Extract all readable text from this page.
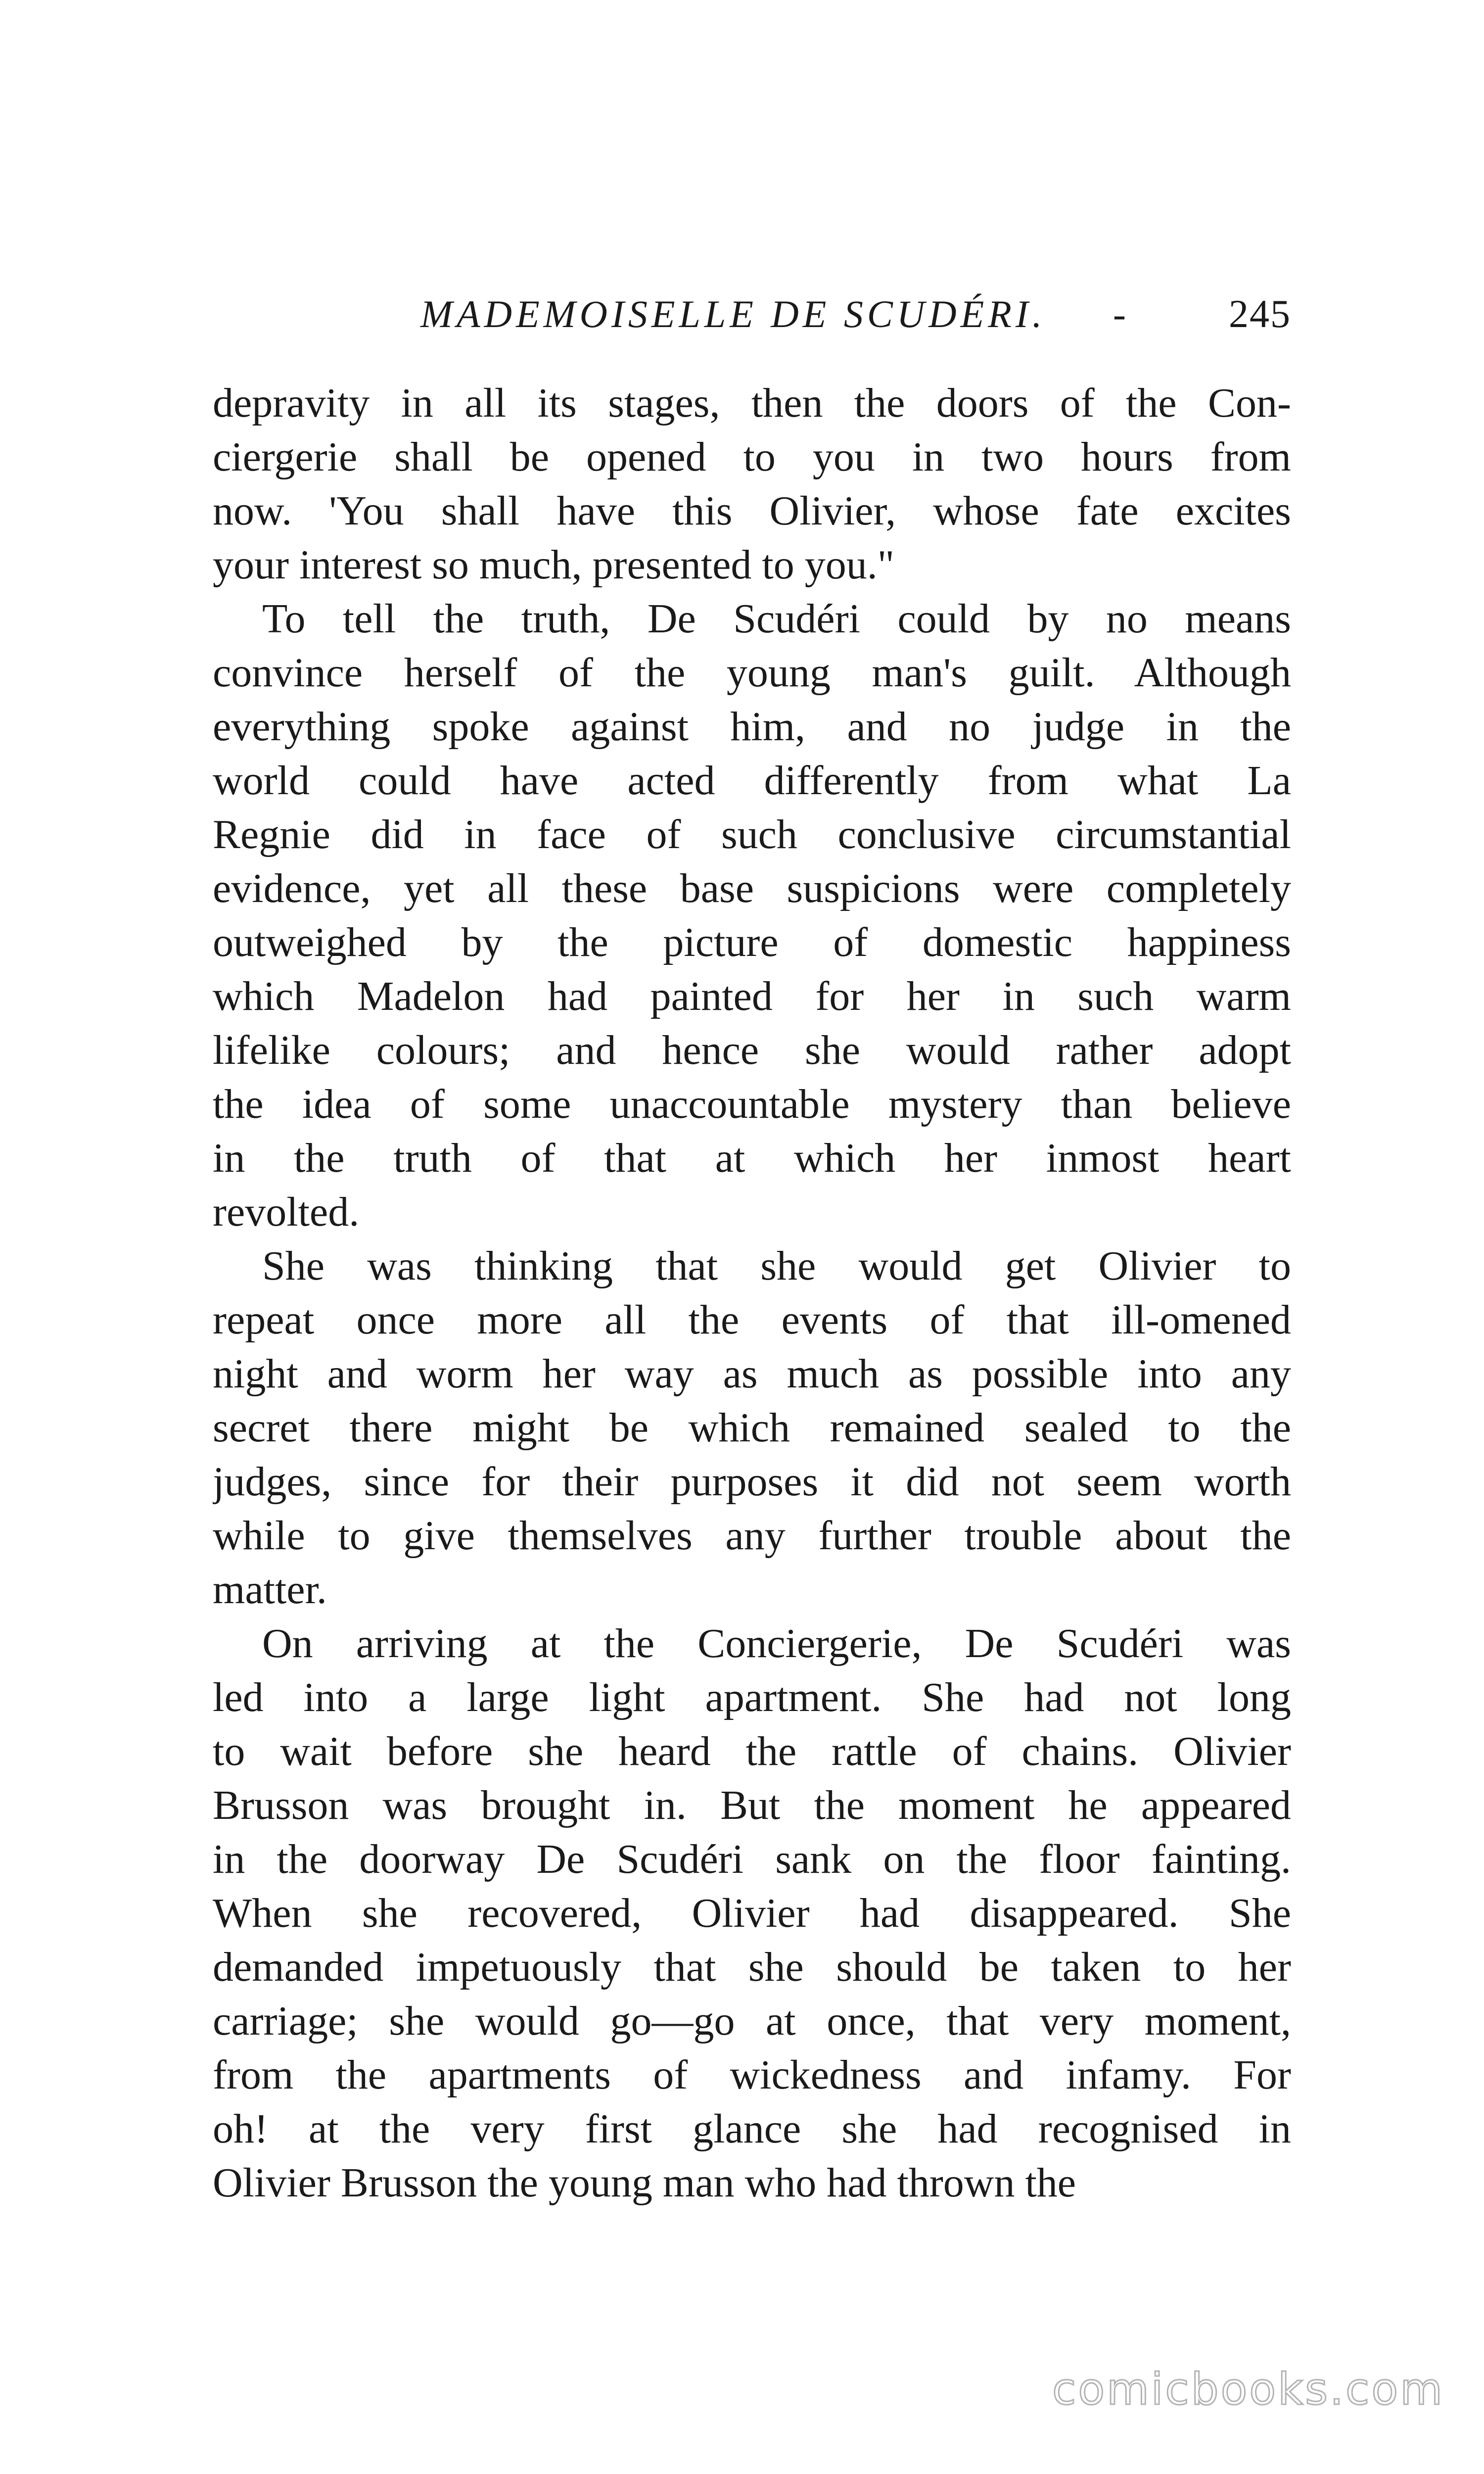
MADEMOISELLE DE SCUDÉRI. -	245
depravity in all its stages, then the doors of the Con-
ciergerie shall be opened to you in two hours from
now. 'You shall have this Olivier, whose fate excites
your interest so much, presented to you."
To tell the truth, De Scudéri could by no means
convince herself of the young man's guilt. Although
everything spoke against him, and no judge in the
world could have acted differently from what La
Regnie did in face of such conclusive circumstantial
evidence, yet all these base suspicions were completely
outweighed by the picture of domestic happiness
which Madelon had painted for her in such warm
lifelike colours; and hence she would rather adopt
the idea of some unaccountable mystery than believe
in the truth of that at which her inmost heart
revolted.
She was thinking that she would get Olivier to
repeat once more all the events of that ill-omened
night and worm her way as much as possible into any
secret there might be which remained sealed to the
judges, since for their purposes it did not seem worth
while to give themselves any further trouble about the
matter.
On arriving at the Conciergerie, De Scudéri was
led into a large light apartment. She had not long
to wait before she heard the rattle of chains. Olivier
Brusson was brought in. But the moment he appeared
in the doorway De Scudéri sank on the floor fainting.
When she recovered, Olivier had disappeared. She
demanded impetuously that she should be taken to her
carriage; she would go—go at once, that very moment,
from the apartments of wickedness and infamy. For
oh! at the very first glance she had recognised in
Olivier Brusson the young man who had thrown the
comicbooks.com
